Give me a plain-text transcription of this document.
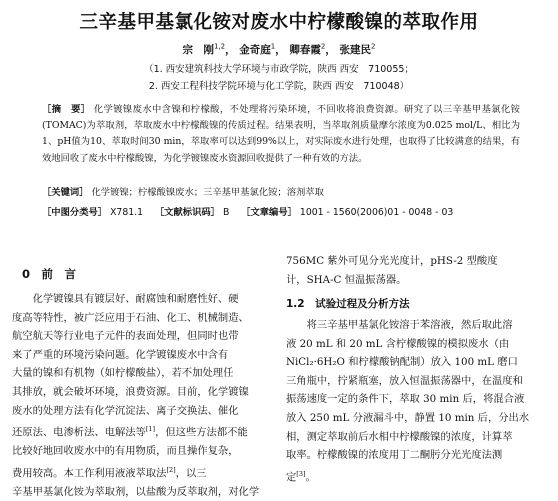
三辛基甲基氯化铵对废水中柠檬酸镍的萃取作用
宗　刚$^{1,2}$， 金奇庭$^1$， 卿春霞$^2$， 张建民$^2$
（1. 西安建筑科技大学环境与市政学院，陕西 西安　710055；
2. 西安工程科技学院环境与化工学院，陕西 西安　710048）
［摘　要］ 化学镀镍废水中含镍和柠檬酸，不处理将污染环境，不回收将浪费资源。研究了以三辛基甲基氯化铵(TOMAC)为萃取剂，萃取废水中柠檬酸镍的传质过程。结果表明，当萃取剂质量摩尔浓度为0.025 mol/L、相比为1、pH值为10、萃取时间30 min，萃取率可以达到99%以上，对实际废水进行处理，也取得了比较满意的结果，有效地回收了废水中柠檬酸镍，为化学镀镍废水资源回收提供了一种有效的方法。
［关键词］ 化学镀镍；柠檬酸镍废水；三辛基甲基氯化铵；溶剂萃取
［中图分类号］ X781.1 ［文献标识码］ B ［文章编号］ 1001 - 1560(2006)01 - 0048 - 03
0　前　言
化学镀镍具有镀层好、耐腐蚀和耐磨性好、硬
度高等特性，被广泛应用于石油、化工、机械制造、
航空航天等行业电子元件的表面处理，但同时也带
来了严重的环境污染问题。化学镀镍废水中含有
大量的镍和有机物（如柠檬酸盐），若不加处理任
其排放，就会破坏环境，浪费资源。目前，化学镀镍
废水的处理方法有化学沉淀法、离子交换法、催化
还原法、电渗析法、电解法等[1]，但这些方法都不能
比较好地回收废水中的有用物质，而且操作复杂，
费用较高。本工作利用液液萃取法[2]，以三
辛基甲基氯化铵为萃取剂，以盐酸为反萃取剂，对化学
756MC 紫外可见分光光度计，pHS-2 型酸度
计，SHA-C 恒温振荡器。
1.2　试验过程及分析方法
将三辛基甲基氯化铵溶于苯溶液，然后取此溶
液 20 mL 和 20 mL 含柠檬酸镍的模拟废水（由
NiCl₂·6H₂O 和柠檬酸钠配制）放入 100 mL 磨口
三角瓶中，拧紧瓶塞，放入恒温振荡器中，在温度和
振荡速度一定的条件下，萃取 30 min 后，将混合液
放入 250 mL 分液漏斗中，静置 10 min 后，分出水
相，测定萃取前后水相中柠檬酸镍的浓度，计算萃
取率。柠檬酸镍的浓度用丁二酮肟分光光度法测
定[3]。
